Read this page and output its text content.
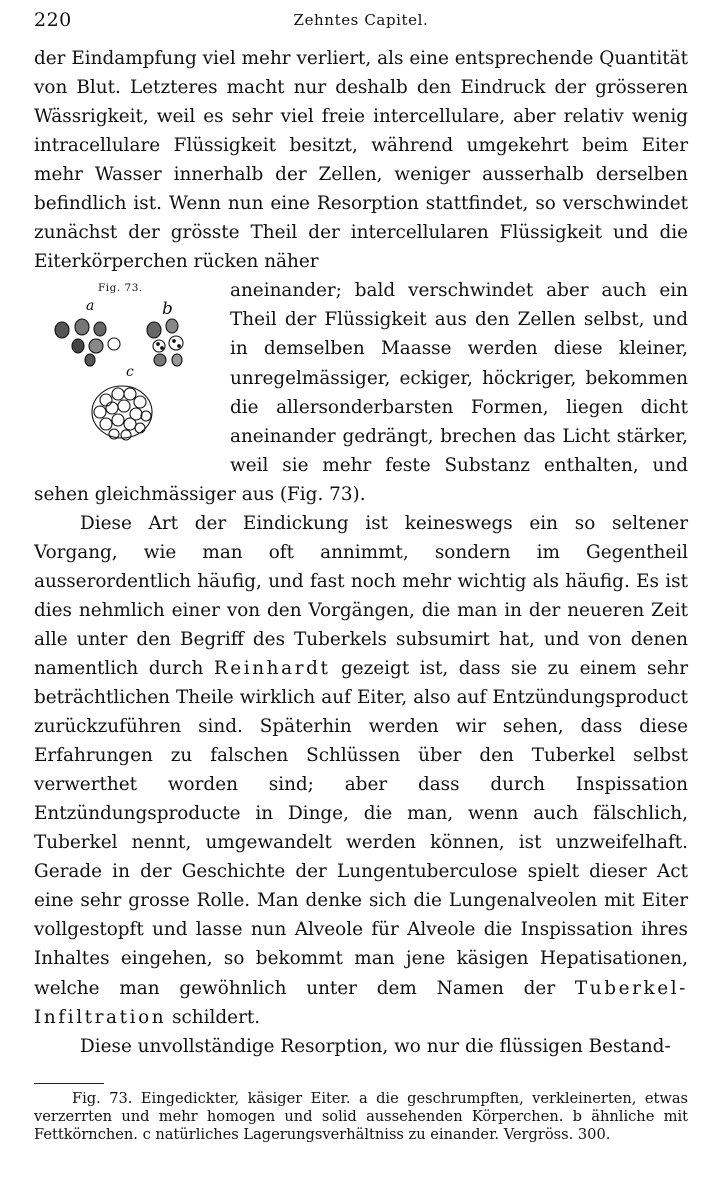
220	Zehntes Capitel.

der Eindampfung viel mehr verliert, als eine entsprechende Quantität von Blut. Letzteres macht nur deshalb den Eindruck der grösseren Wässrigkeit, weil es sehr viel freie intercellulare, aber relativ wenig intracellulare Flüssigkeit besitzt, während umgekehrt beim Eiter mehr Wasser innerhalb der Zellen, weniger ausserhalb derselben befindlich ist. Wenn nun eine Resorption stattfindet, so verschwindet zunächst der grösste Theil der intercellularen Flüssigkeit und die Eiterkörperchen rücken näher

Fig. 73.
a	b
c

aneinander; bald verschwindet aber auch ein Theil der Flüssigkeit aus den Zellen selbst, und in demselben Maasse werden diese kleiner, unregelmässiger, eckiger, höckriger, bekommen die allersonderbarsten Formen, liegen dicht aneinander gedrängt, brechen das Licht stärker, weil sie mehr feste Substanz enthalten, und sehen gleichmässiger aus (Fig. 73).

Diese Art der Eindickung ist keineswegs ein so seltener Vorgang, wie man oft annimmt, sondern im Gegentheil ausserordentlich häufig, und fast noch mehr wichtig als häufig. Es ist dies nehmlich einer von den Vorgängen, die man in der neueren Zeit alle unter den Begriff des Tuberkels subsumirt hat, und von denen namentlich durch Reinhardt gezeigt ist, dass sie zu einem sehr beträchtlichen Theile wirklich auf Eiter, also auf Entzündungsproduct zurückzuführen sind. Späterhin werden wir sehen, dass diese Erfahrungen zu falschen Schlüssen über den Tuberkel selbst verwerthet worden sind; aber dass durch Inspissation Entzündungsproducte in Dinge, die man, wenn auch fälschlich, Tuberkel nennt, umgewandelt werden können, ist unzweifelhaft. Gerade in der Geschichte der Lungentuberculose spielt dieser Act eine sehr grosse Rolle. Man denke sich die Lungenalveolen mit Eiter vollgestopft und lasse nun Alveole für Alveole die Inspissation ihres Inhaltes eingehen, so bekommt man jene käsigen Hepatisationen, welche man gewöhnlich unter dem Namen der Tuberkel-Infiltration schildert.

Diese unvollständige Resorption, wo nur die flüssigen Bestand-

Fig. 73. Eingedickter, käsiger Eiter. a die geschrumpften, verkleinerten, etwas verzerrten und mehr homogen und solid aussehenden Körperchen. b ähnliche mit Fettkörnchen. c natürliches Lagerungsverhältniss zu einander. Vergröss. 300.
